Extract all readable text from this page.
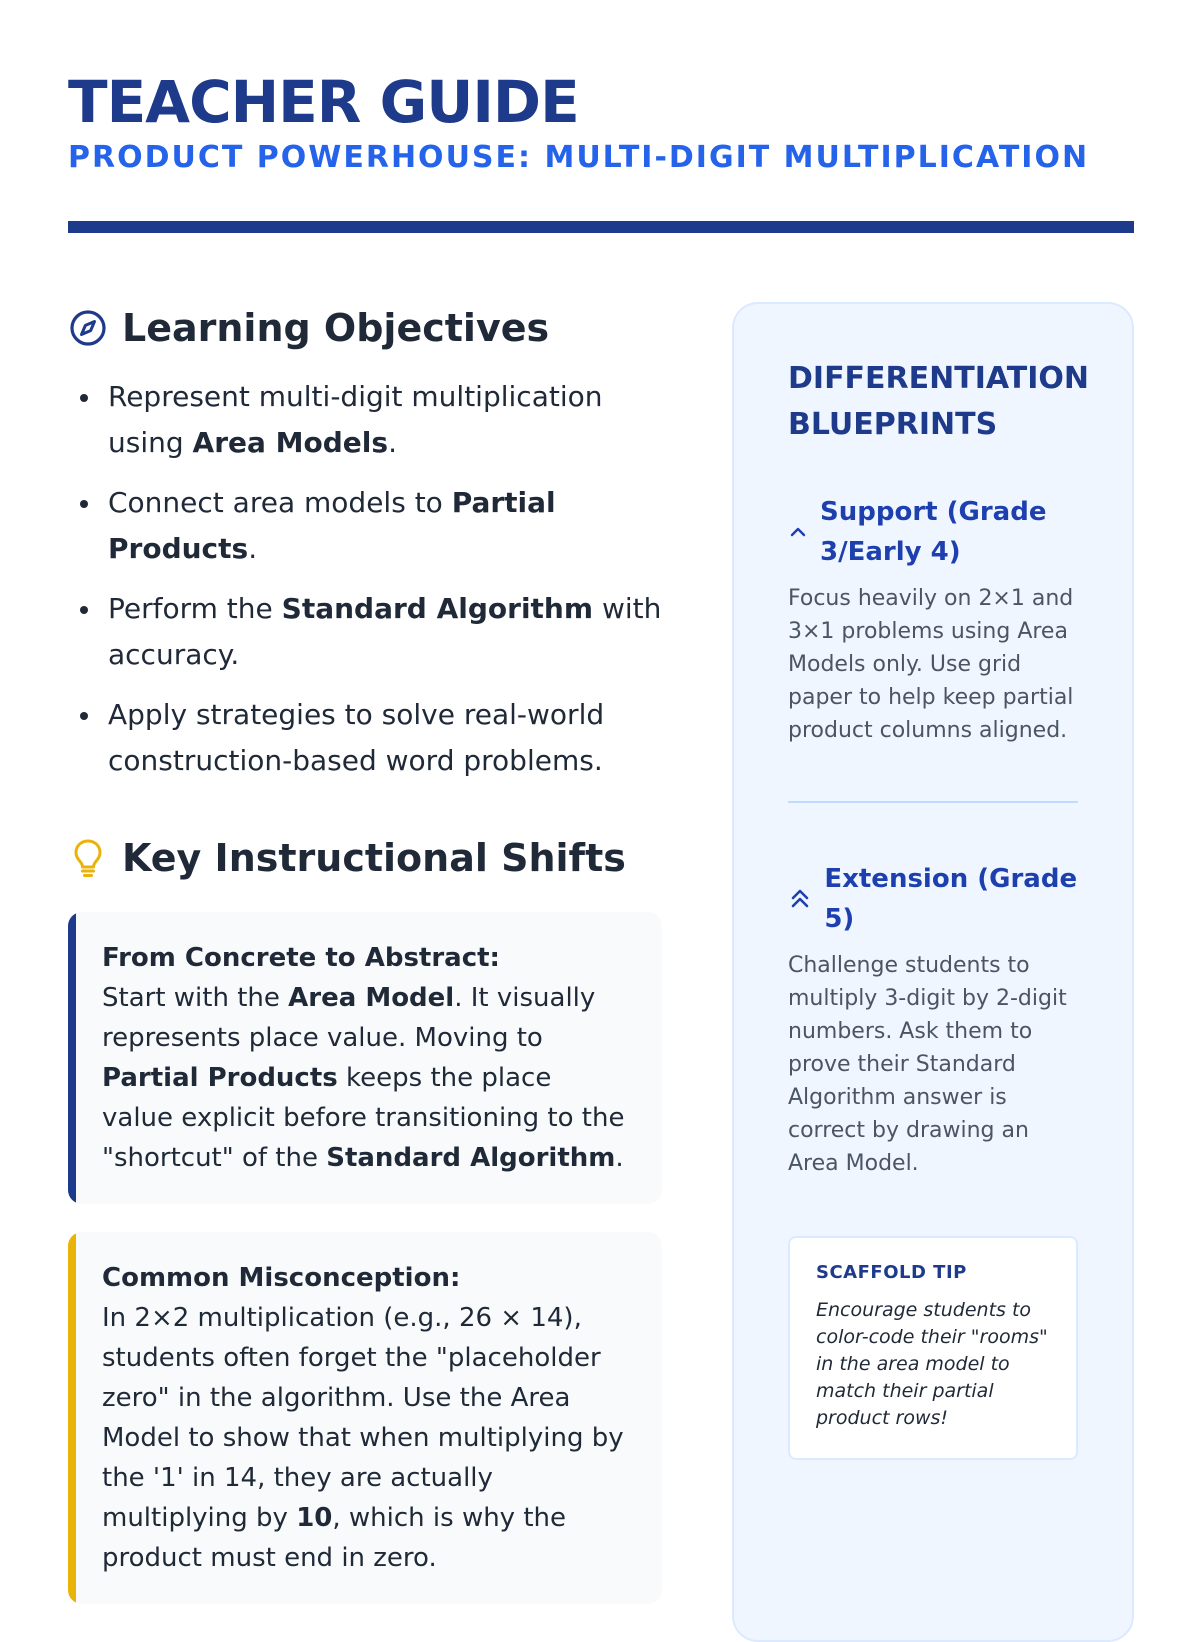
TEACHER GUIDE
PRODUCT POWERHOUSE: MULTI-DIGIT MULTIPLICATION
Learning Objectives
Represent multi-digit multiplication using Area Models.
Connect area models to Partial Products.
Perform the Standard Algorithm with accuracy.
Apply strategies to solve real-world construction-based word problems.
Key Instructional Shifts
From Concrete to Abstract:
Start with the Area Model. It visually represents place value. Moving to Partial Products keeps the place value explicit before transitioning to the "shortcut" of the Standard Algorithm.
Common Misconception:
In 2×2 multiplication (e.g., 26 × 14), students often forget the "placeholder zero" in the algorithm. Use the Area Model to show that when multiplying by the '1' in 14, they are actually multiplying by 10, which is why the product must end in zero.
DIFFERENTIATION BLUEPRINTS
Support (Grade 3/Early 4)
Focus heavily on 2×1 and 3×1 problems using Area Models only. Use grid paper to help keep partial product columns aligned.
Extension (Grade 5)
Challenge students to multiply 3-digit by 2-digit numbers. Ask them to prove their Standard Algorithm answer is correct by drawing an Area Model.
SCAFFOLD TIP
Encourage students to color-code their "rooms" in the area model to match their partial product rows!
